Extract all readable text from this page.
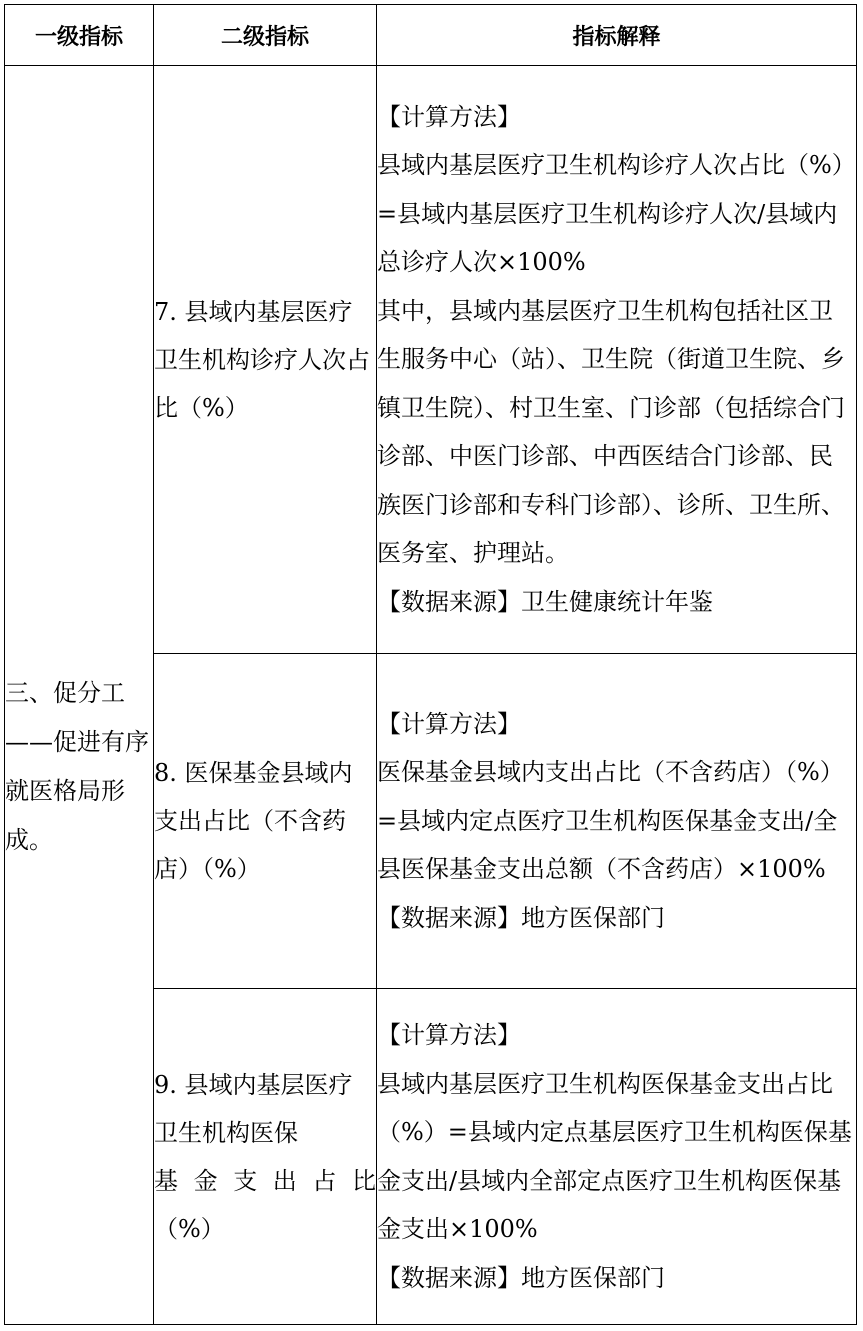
一级指标	二级指标	指标解释

三、促分工——促进有序就医格局形成。	7. 县域内基层医疗卫生机构诊疗人次占比（%）	【计算方法】
县域内基层医疗卫生机构诊疗人次占比（%）=县域内基层医疗卫生机构诊疗人次/县域内总诊疗人次×100%
其中，县域内基层医疗卫生机构包括社区卫生服务中心（站）、卫生院（街道卫生院、乡镇卫生院）、村卫生室、门诊部（包括综合门诊部、中医门诊部、中西医结合门诊部、民族医门诊部和专科门诊部）、诊所、卫生所、医务室、护理站。
【数据来源】卫生健康统计年鉴

	8. 医保基金县域内支出占比（不含药店）（%）	【计算方法】
医保基金县域内支出占比（不含药店）（%）=县域内定点医疗卫生机构医保基金支出/全县医保基金支出总额（不含药店）×100%
【数据来源】地方医保部门

	9. 县域内基层医疗卫生机构医保
基金支出占比
（%）	【计算方法】
县域内基层医疗卫生机构医保基金支出占比（%）=县域内定点基层医疗卫生机构医保基金支出/县域内全部定点医疗卫生机构医保基金支出×100%
【数据来源】地方医保部门
